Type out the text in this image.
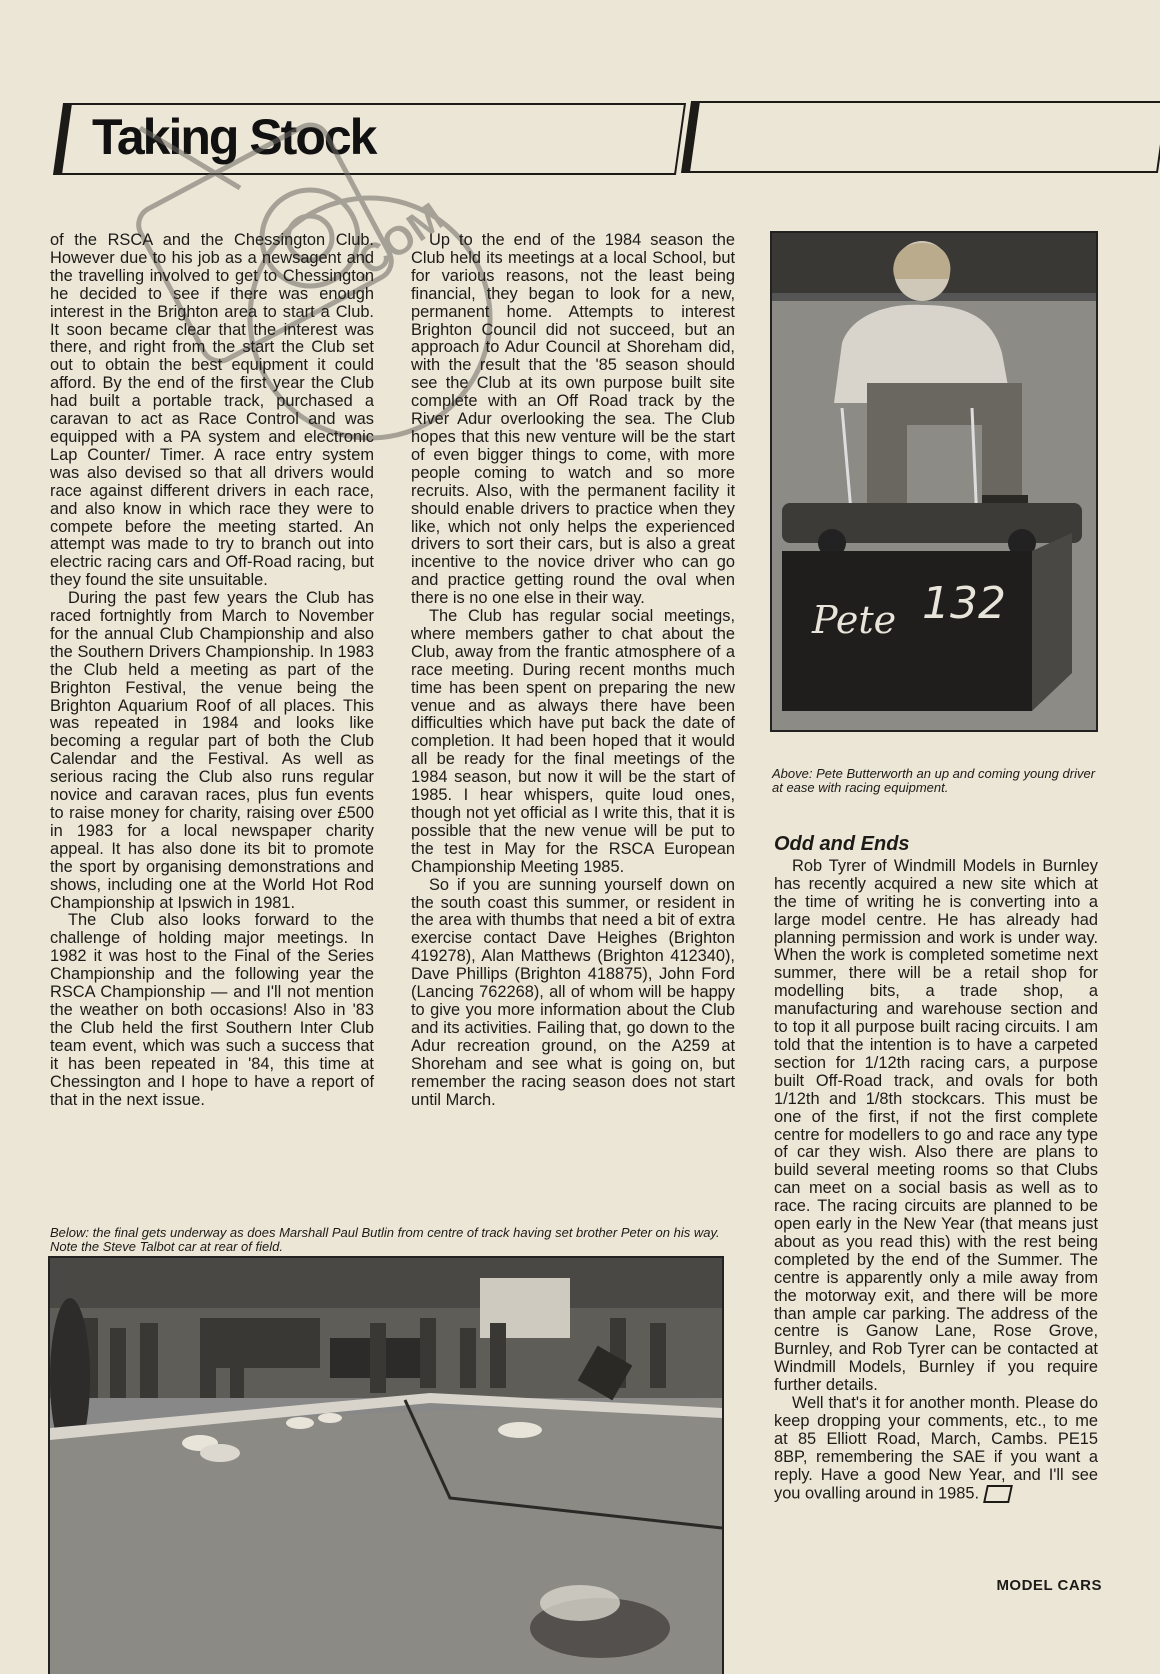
Taking Stock
.COM

of the RSCA and the Chessington Club. However due to his job as a newsagent and the travelling involved to get to Chessington he decided to see if there was enough interest in the Brighton area to start a Club. It soon became clear that the interest was there, and right from the start the Club set out to obtain the best equipment it could afford. By the end of the first year the Club had built a portable track, purchased a caravan to act as Race Control and was equipped with a PA system and electronic Lap Counter/ Timer. A race entry system was also devised so that all drivers would race against different drivers in each race, and also know in which race they were to compete before the meeting started. An attempt was made to try to branch out into electric racing cars and Off-Road racing, but they found the site unsuitable.

During the past few years the Club has raced fortnightly from March to November for the annual Club Championship and also the Southern Drivers Championship. In 1983 the Club held a meeting as part of the Brighton Festival, the venue being the Brighton Aquarium Roof of all places. This was repeated in 1984 and looks like becoming a regular part of both the Club Calendar and the Festival. As well as serious racing the Club also runs regular novice and caravan races, plus fun events to raise money for charity, raising over £500 in 1983 for a local newspaper charity appeal. It has also done its bit to promote the sport by organising demonstrations and shows, including one at the World Hot Rod Championship at Ipswich in 1981.

The Club also looks forward to the challenge of holding major meetings. In 1982 it was host to the Final of the Series Championship and the following year the RSCA Championship — and I'll not mention the weather on both occasions! Also in '83 the Club held the first Southern Inter Club team event, which was such a success that it has been repeated in '84, this time at Chessington and I hope to have a report of that in the next issue.

Up to the end of the 1984 season the Club held its meetings at a local School, but for various reasons, not the least being financial, they began to look for a new, permanent home. Attempts to interest Brighton Council did not succeed, but an approach to Adur Council at Shoreham did, with the result that the '85 season should see the Club at its own purpose built site complete with an Off Road track by the River Adur overlooking the sea. The Club hopes that this new venture will be the start of even bigger things to come, with more people coming to watch and so more recruits. Also, with the permanent facility it should enable drivers to practice when they like, which not only helps the experienced drivers to sort their cars, but is also a great incentive to the novice driver who can go and practice getting round the oval when there is no one else in their way.

The Club has regular social meetings, where members gather to chat about the Club, away from the frantic atmosphere of a race meeting. During recent months much time has been spent on preparing the new venue and as always there have been difficulties which have put back the date of completion. It had been hoped that it would all be ready for the final meetings of the 1984 season, but now it will be the start of 1985. I hear whispers, quite loud ones, though not yet official as I write this, that it is possible that the new venue will be put to the test in May for the RSCA European Championship Meeting 1985.

So if you are sunning yourself down on the south coast this summer, or resident in the area with thumbs that need a bit of extra exercise contact Dave Heighes (Brighton 419278), Alan Matthews (Brighton 412340), Dave Phillips (Brighton 418875), John Ford (Lancing 762268), all of whom will be happy to give you more information about the Club and its activities. Failing that, go down to the Adur recreation ground, on the A259 at Shoreham and see what is going on, but remember the racing season does not start until March.

Pete 132
Above: Pete Butterworth an up and coming young driver at ease with racing equipment.
Odd and Ends

Rob Tyrer of Windmill Models in Burnley has recently acquired a new site which at the time of writing he is converting into a large model centre. He has already had planning permission and work is under way. When the work is completed sometime next summer, there will be a retail shop for modelling bits, a trade shop, a manufacturing and warehouse section and to top it all purpose built racing circuits. I am told that the intention is to have a carpeted section for 1/12th racing cars, a purpose built Off-Road track, and ovals for both 1/12th and 1/8th stockcars. This must be one of the first, if not the first complete centre for modellers to go and race any type of car they wish. Also there are plans to build several meeting rooms so that Clubs can meet on a social basis as well as to race. The racing circuits are planned to be open early in the New Year (that means just about as you read this) with the rest being completed by the end of the Summer. The centre is apparently only a mile away from the motorway exit, and there will be more than ample car parking. The address of the centre is Ganow Lane, Rose Grove, Burnley, and Rob Tyrer can be contacted at Windmill Models, Burnley if you require further details.

Well that's it for another month. Please do keep dropping your comments, etc., to me at 85 Elliott Road, March, Cambs. PE15 8BP, remembering the SAE if you want a reply. Have a good New Year, and I'll see you ovalling around in 1985.

Below: the final gets underway as does Marshall Paul Butlin from centre of track having set brother Peter on his way. Note the Steve Talbot car at rear of field.
MODEL CARS
